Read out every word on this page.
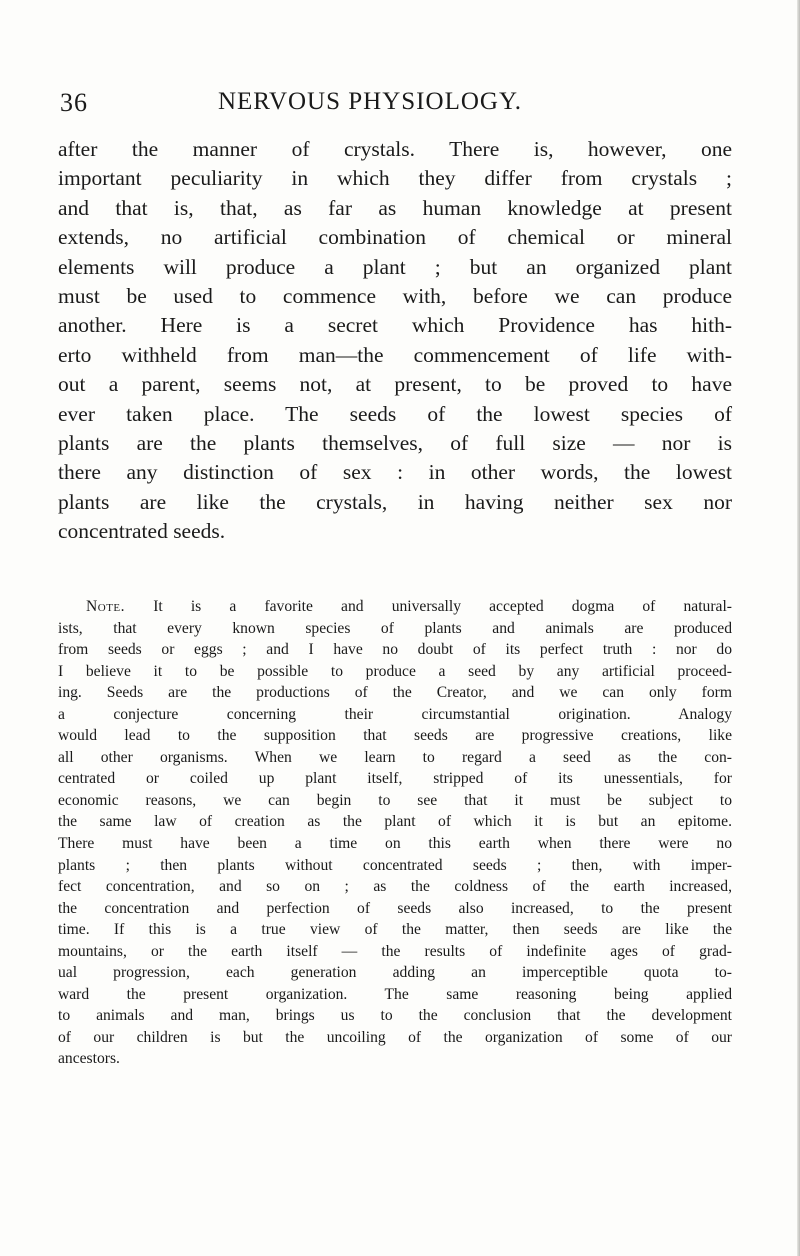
36	NERVOUS PHYSIOLOGY.
after the manner of crystals. There is, however, one
important peculiarity in which they differ from crystals ;
and that is, that, as far as human knowledge at present
extends, no artificial combination of chemical or mineral
elements will produce a plant ; but an organized plant
must be used to commence with, before we can produce
another. Here is a secret which Providence has hith-
erto withheld from man—the commencement of life with-
out a parent, seems not, at present, to be proved to have
ever taken place. The seeds of the lowest species of
plants are the plants themselves, of full size — nor is
there any distinction of sex : in other words, the lowest
plants are like the crystals, in having neither sex nor
concentrated seeds.
Note. It is a favorite and universally accepted dogma of natural-
ists, that every known species of plants and animals are produced
from seeds or eggs ; and I have no doubt of its perfect truth : nor do
I believe it to be possible to produce a seed by any artificial proceed-
ing. Seeds are the productions of the Creator, and we can only form
a conjecture concerning their circumstantial origination. Analogy
would lead to the supposition that seeds are progressive creations, like
all other organisms. When we learn to regard a seed as the con-
centrated or coiled up plant itself, stripped of its unessentials, for
economic reasons, we can begin to see that it must be subject to
the same law of creation as the plant of which it is but an epitome.
There must have been a time on this earth when there were no
plants ; then plants without concentrated seeds ; then, with imper-
fect concentration, and so on ; as the coldness of the earth increased,
the concentration and perfection of seeds also increased, to the present
time. If this is a true view of the matter, then seeds are like the
mountains, or the earth itself — the results of indefinite ages of grad-
ual progression, each generation adding an imperceptible quota to-
ward the present organization. The same reasoning being applied
to animals and man, brings us to the conclusion that the development
of our children is but the uncoiling of the organization of some of our
ancestors.
